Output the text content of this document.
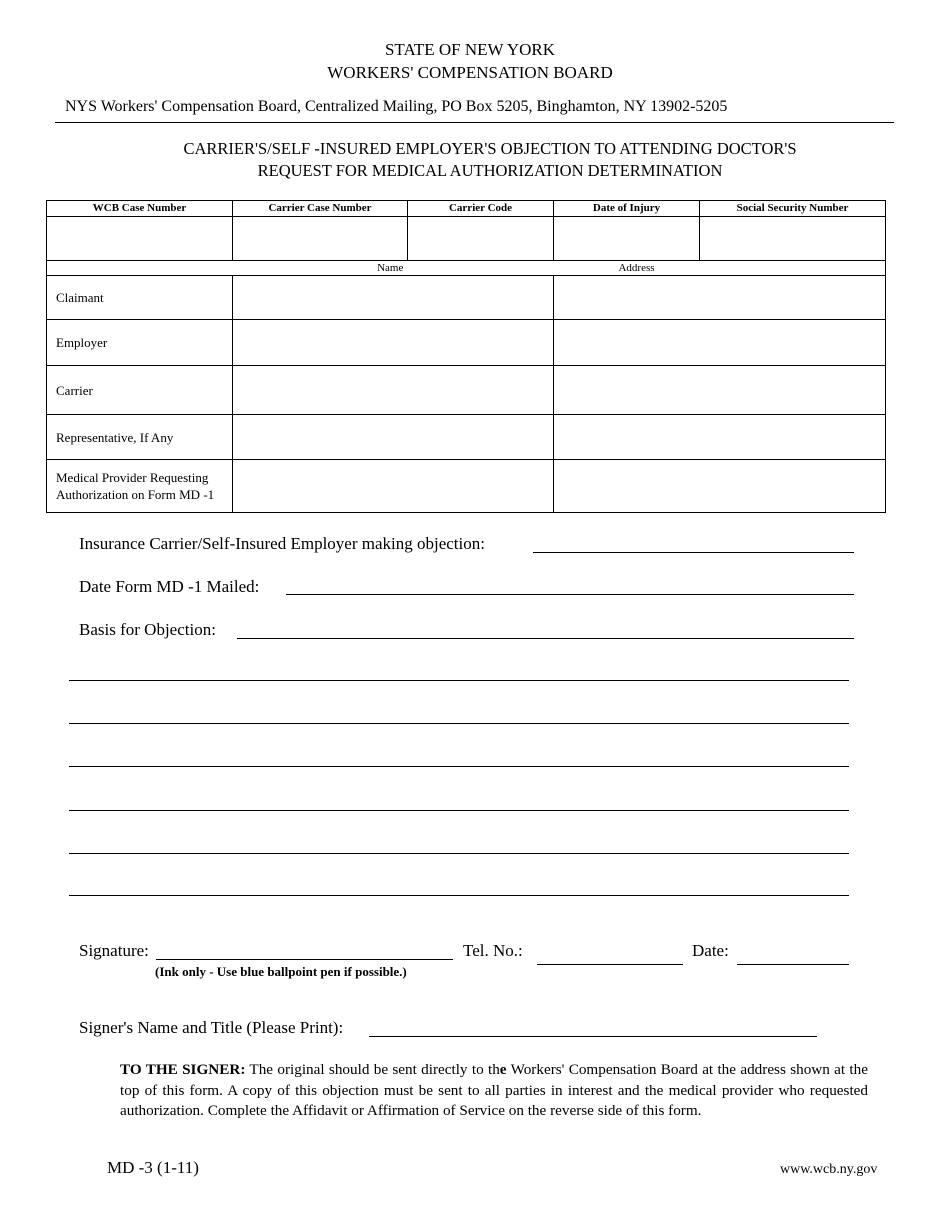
STATE OF NEW YORK
WORKERS' COMPENSATION BOARD
NYS Workers' Compensation Board, Centralized Mailing, PO Box 5205, Binghamton, NY 13902-5205
CARRIER'S/SELF -INSURED EMPLOYER'S OBJECTION TO ATTENDING DOCTOR'S
REQUEST FOR MEDICAL AUTHORIZATION DETERMINATION
WCB Case Number	Carrier Case Number	Carrier Code	Date of Injury	Social Security Number

Name			Address	
Claimant				
Employer				
Carrier				
Representative, If Any				
Medical Provider Requesting Authorization on Form MD -1				
Insurance Carrier/Self-Insured Employer making objection:
Date Form MD -1 Mailed:
Basis for Objection:
Signature:	Tel. No.:	Date:
(Ink only - Use blue ballpoint pen if possible.)
Signer's Name and Title (Please Print):
TO THE SIGNER: The original should be sent directly to the Workers' Compensation Board at the address shown at the top of this form. A copy of this objection must be sent to all parties in interest and the medical provider who requested authorization. Complete the Affidavit or Affirmation of Service on the reverse side of this form.
MD -3 (1-11)	www.wcb.ny.gov
